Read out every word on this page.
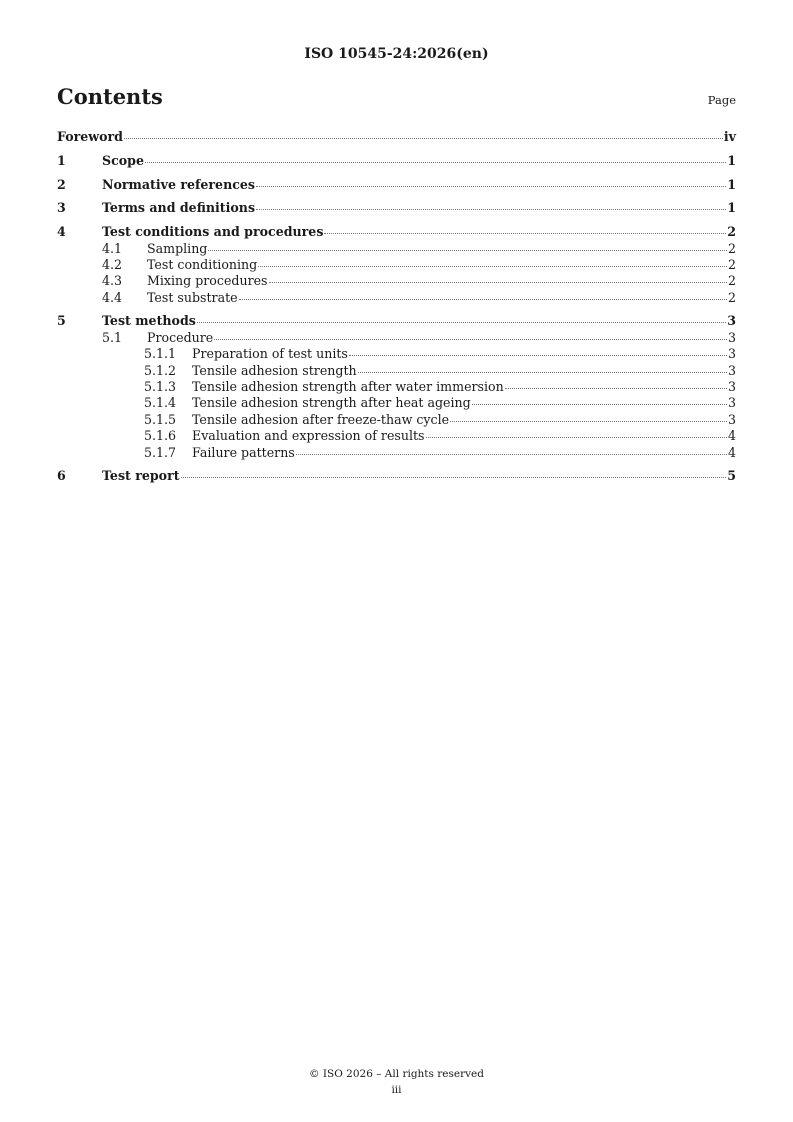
ISO 10545-24:2026(en)
Contents	Page
Foreword	iv
1	Scope	1
2	Normative references	1
3	Terms and definitions	1
4	Test conditions and procedures	2
4.1	Sampling	2
4.2	Test conditioning	2
4.3	Mixing procedures	2
4.4	Test substrate	2
5	Test methods	3
5.1	Procedure	3
5.1.1	Preparation of test units	3
5.1.2	Tensile adhesion strength	3
5.1.3	Tensile adhesion strength after water immersion	3
5.1.4	Tensile adhesion strength after heat ageing	3
5.1.5	Tensile adhesion after freeze-thaw cycle	3
5.1.6	Evaluation and expression of results	4
5.1.7	Failure patterns	4
6	Test report	5
© ISO 2026 – All rights reserved
iii
